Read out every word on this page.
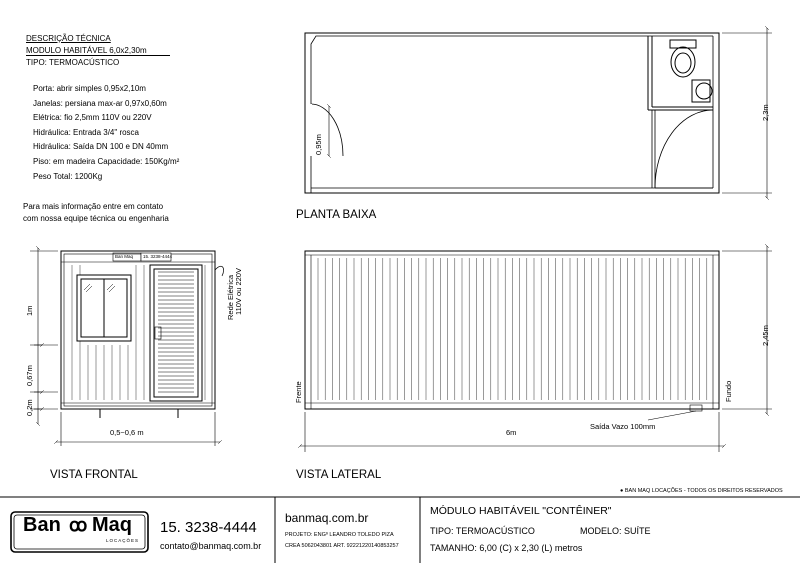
DESCRIÇÃO TÉCNICA
MODULO HABITÁVEL 6,0x2,30m
TIPO: TERMOACÚSTICO
Porta: abrir simples 0,95x2,10m
Janelas: persiana max-ar 0,97x0,60m
Elétrica: fio 2,5mm 110V ou 220V
Hidráulica: Entrada 3/4" rosca
Hidráulica: Saída DN 100 e DN 40mm
Piso: em madeira Capacidade: 150Kg/m²
Peso Total: 1200Kg
Para mais informação entre em contato
com nossa equipe técnica ou engenharia	PLANTA BAIXA
2,3m
0,95m
VISTA FRONTAL
1m
0,67m
0,2m
0,5~0,6 m
Rede Elétrica 110V ou 220V
Ban Maq 15. 3238-4444
VISTA LATERAL
2,45m
6m
Frente	Fundo
Saída Vazo 100mm
● BAN MAQ LOCAÇÕES - TODOS OS DIREITOS RESERVADOS
Ban ꝏ Maq
LOCAÇÕES
15. 3238-4444
contato@banmaq.com.br
banmaq.com.br
PROJETO: ENGº LEANDRO TOLEDO PIZA
CREA 5062043801 ART. 92221220140853257
MÓDULO HABITÁVEIL "CONTÊINER"
TIPO: TERMOACÚSTICO	MODELO: SUÍTE
TAMANHO: 6,00 (C) x 2,30 (L) metros
